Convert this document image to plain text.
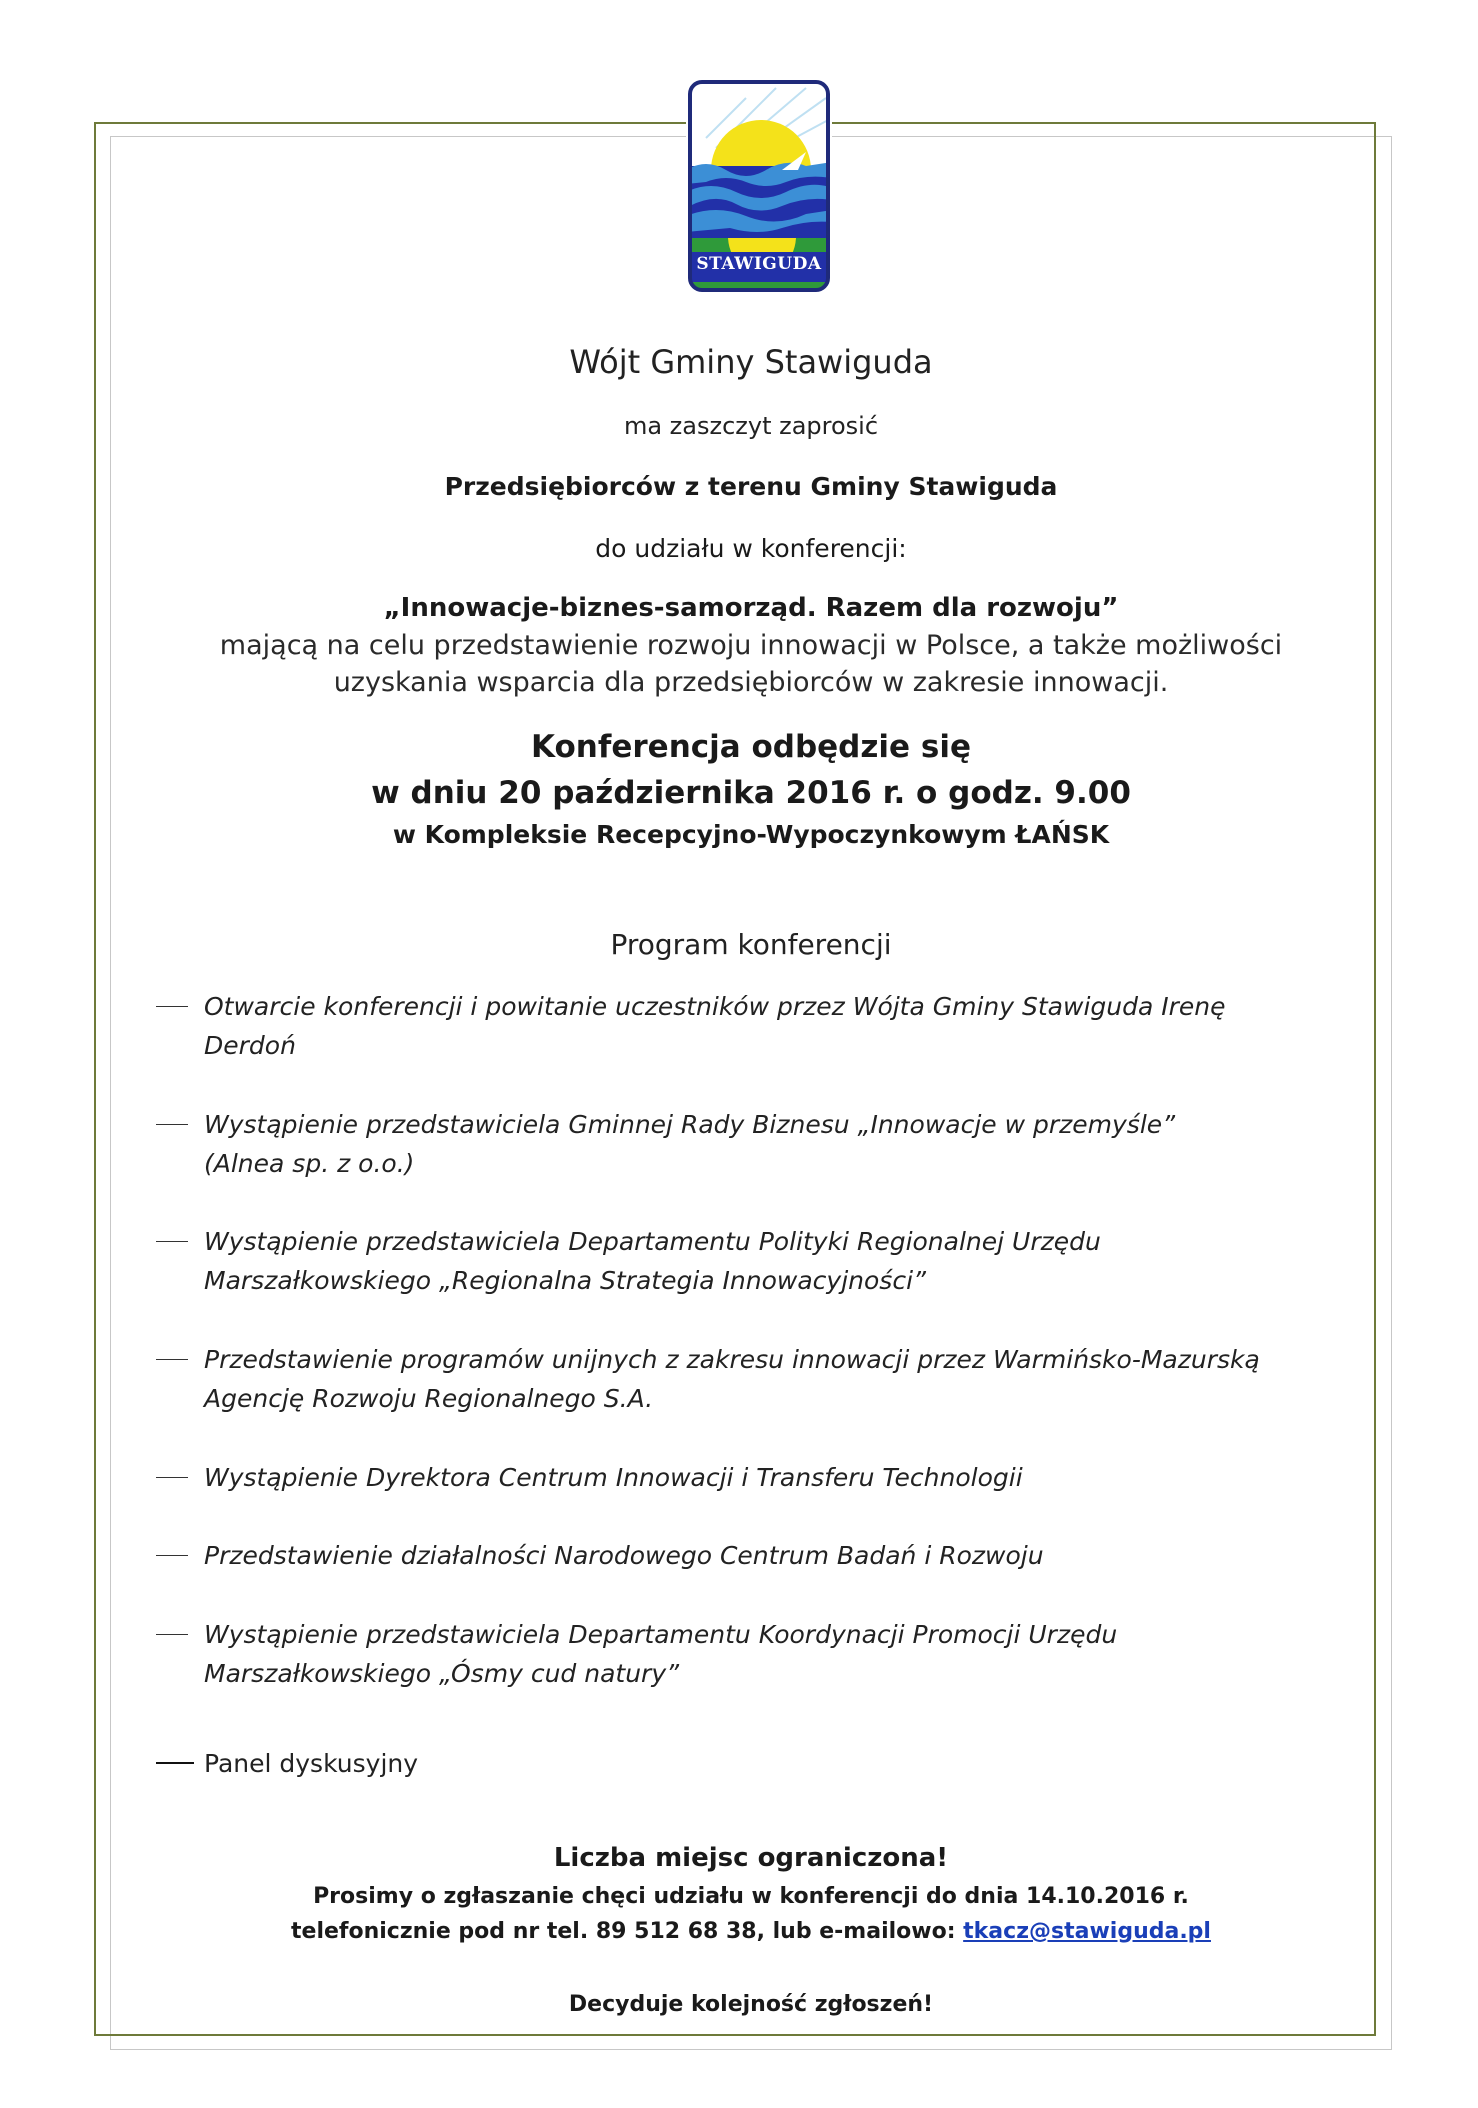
STAWIGUDA
Wójt Gminy Stawiguda
ma zaszczyt zaprosić
Przedsiębiorców z terenu Gminy Stawiguda
do udziału w konferencji:
„Innowacje-biznes-samorząd. Razem dla rozwoju”
mającą na celu przedstawienie rozwoju innowacji w Polsce, a także możliwości
uzyskania wsparcia dla przedsiębiorców w zakresie innowacji.
Konferencja odbędzie się
w dniu 20 października 2016 r. o godz. 9.00
w Kompleksie Recepcyjno-Wypoczynkowym ŁAŃSK
Program konferencji
Otwarcie konferencji i powitanie uczestników przez Wójta Gminy Stawiguda Irenę
Derdoń
Wystąpienie przedstawiciela Gminnej Rady Biznesu „Innowacje w przemyśle”
(Alnea sp. z o.o.)
Wystąpienie przedstawiciela Departamentu Polityki Regionalnej Urzędu
Marszałkowskiego „Regionalna Strategia Innowacyjności”
Przedstawienie programów unijnych z zakresu innowacji przez Warmińsko-Mazurską
Agencję Rozwoju Regionalnego S.A.
Wystąpienie Dyrektora Centrum Innowacji i Transferu Technologii
Przedstawienie działalności Narodowego Centrum Badań i Rozwoju
Wystąpienie przedstawiciela Departamentu Koordynacji Promocji Urzędu
Marszałkowskiego „Ósmy cud natury”
Panel dyskusyjny
Liczba miejsc ograniczona!
Prosimy o zgłaszanie chęci udziału w konferencji do dnia 14.10.2016 r.
telefonicznie pod nr tel. 89 512 68 38, lub e-mailowo: tkacz@stawiguda.pl
Decyduje kolejność zgłoszeń!
